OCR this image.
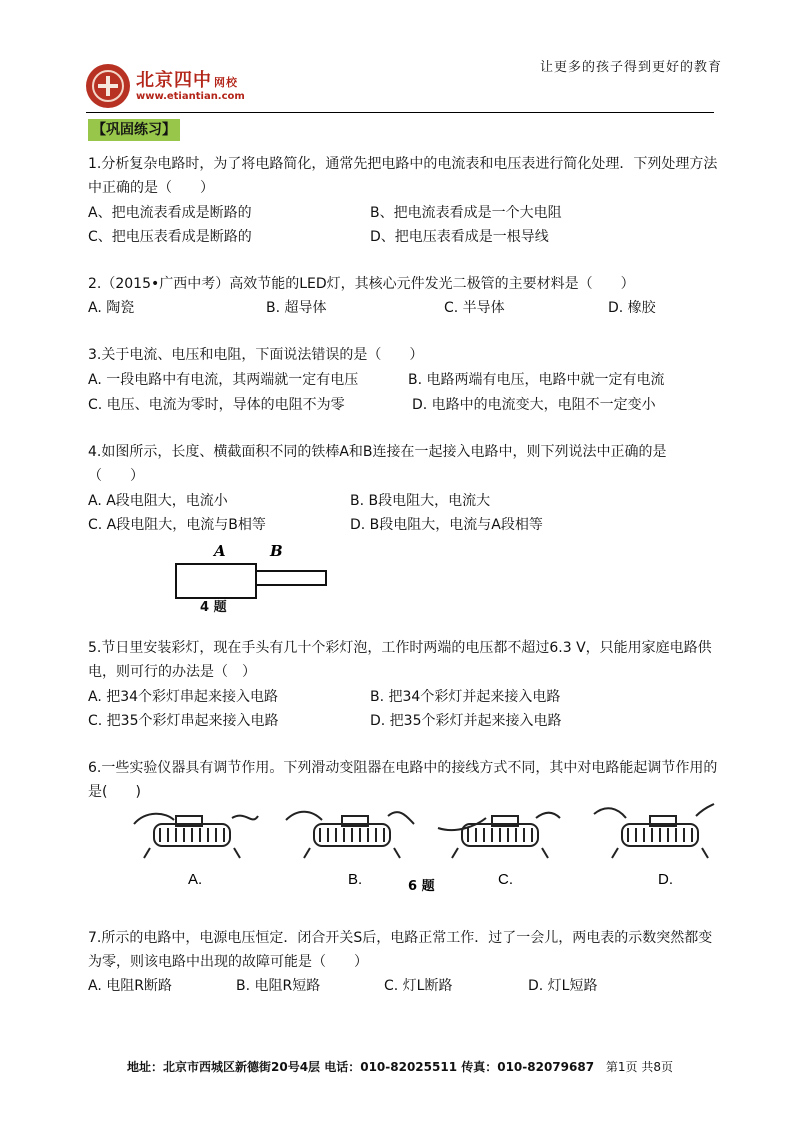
让更多的孩子得到更好的教育
北京四中 网校
www.etiantian.com
【巩固练习】
1.分析复杂电路时，为了将电路简化，通常先把电路中的电流表和电压表进行简化处理．下列处理方法中正确的是（　　）
A、把电流表看成是断路的	B、把电流表看成是一个大电阻
C、把电压表看成是断路的	D、把电压表看成是一根导线
2.（2015•广西中考）高效节能的LED灯，其核心元件发光二极管的主要材料是（　　）
A. 陶瓷	B. 超导体	C. 半导体	D. 橡胶
3.关于电流、电压和电阻，下面说法错误的是（　　）
A. 一段电路中有电流，其两端就一定有电压	B. 电路两端有电压，电路中就一定有电流
C. 电压、电流为零时，导体的电阻不为零	D. 电路中的电流变大，电阻不一定变小
4.如图所示，长度、横截面积不同的铁棒A和B连接在一起接入电路中，则下列说法中正确的是　（　　）
A. A段电阻大，电流小	B. B段电阻大，电流大
C. A段电阻大，电流与B相等	D. B段电阻大，电流与A段相等
A	B
4 题
5.节日里安装彩灯，现在手头有几十个彩灯泡，工作时两端的电压都不超过6.3 V，只能用家庭电路供电，则可行的办法是（　）
A. 把34个彩灯串起来接入电路	B. 把34个彩灯并起来接入电路
C. 把35个彩灯串起来接入电路	D. 把35个彩灯并起来接入电路
6.一些实验仪器具有调节作用。下列滑动变阻器在电路中的接线方式不同，其中对电路能起调节作用的是(　　)
A.	B.	C.	D.
6 题
7.所示的电路中，电源电压恒定．闭合开关S后，电路正常工作．过了一会儿，两电表的示数突然都变为零，则该电路中出现的故障可能是（　　）
A. 电阻R断路	B. 电阻R短路	C. 灯L断路	D. 灯L短路
地址：北京市西城区新德街20号4层 电话：010-82025511 传真：010-82079687 第1页 共8页
